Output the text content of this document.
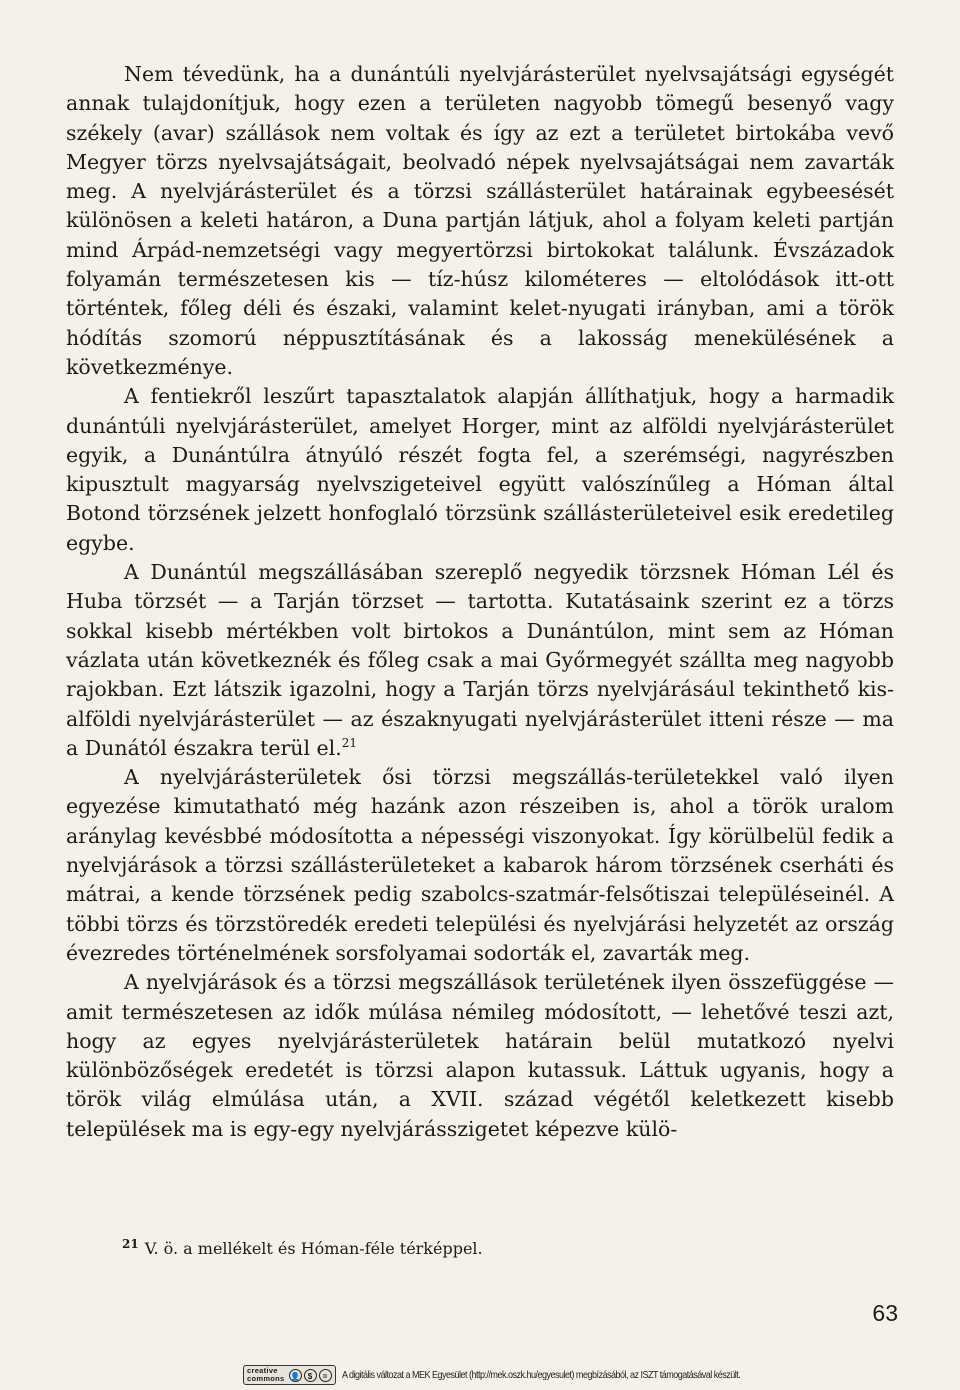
Nem tévedünk, ha a dunántúli nyelvjárásterület nyelvsajátsági egységét annak tulajdonítjuk, hogy ezen a területen nagyobb tömegű besenyő vagy székely (avar) szállások nem voltak és így az ezt a területet birtokába vevő Megyer törzs nyelvsajátságait, beolvadó népek nyelvsajátságai nem zavarták meg. A nyelvjárásterület és a törzsi szállásterület határainak egybeesését különösen a keleti határon, a Duna partján látjuk, ahol a folyam keleti partján mind Árpád-nemzetségi vagy megyertörzsi birtokokat találunk. Évszázadok folyamán természetesen kis — tíz-húsz kilométeres — eltolódások itt-ott történtek, főleg déli és északi, valamint kelet-nyugati irányban, ami a török hódítás szomorú néppusztításának és a lakosság menekülésének a következménye.

A fentiekről leszűrt tapasztalatok alapján állíthatjuk, hogy a harmadik dunántúli nyelvjárásterület, amelyet Horger, mint az alföldi nyelvjárásterület egyik, a Dunántúlra átnyúló részét fogta fel, a szerémségi, nagyrészben kipusztult magyarság nyelvszigeteivel együtt valószínűleg a Hóman által Botond törzsének jelzett honfoglaló törzsünk szállásterületeivel esik eredetileg egybe.

A Dunántúl megszállásában szereplő negyedik törzsnek Hóman Lél és Huba törzsét — a Tarján törzset — tartotta. Kutatásaink szerint ez a törzs sokkal kisebb mértékben volt birtokos a Dunántúlon, mint sem az Hóman vázlata után következnék és főleg csak a mai Győrmegyét szállta meg nagyobb rajokban. Ezt látszik igazolni, hogy a Tarján törzs nyelvjárásául tekinthető kis-alföldi nyelvjárásterület — az északnyugati nyelvjárásterület itteni része — ma a Dunától északra terül el.$^{21}$

A nyelvjárásterületek ősi törzsi megszállás-területekkel való ilyen egyezése kimutatható még hazánk azon részeiben is, ahol a török uralom aránylag kevésbbé módosította a népességi viszonyokat. Így körülbelül fedik a nyelvjárások a törzsi szállásterületeket a kabarok három törzsének cserháti és mátrai, a kende törzsének pedig szabolcs-szatmár-felsőtiszai településeinél. A többi törzs és törzstöredék eredeti települési és nyelvjárási helyzetét az ország évezredes történelmének sorsfolyamai sodorták el, zavarták meg.

A nyelvjárások és a törzsi megszállások területének ilyen összefüggése — amit természetesen az idők múlása némileg módosított, — lehetővé teszi azt, hogy az egyes nyelvjárásterületek határain belül mutatkozó nyelvi különbözőségek eredetét is törzsi alapon kutassuk. Láttuk ugyanis, hogy a török világ elmúlása után, a XVII. század végétől keletkezett kisebb települések ma is egy-egy nyelvjárásszigetet képezve külö-

$^{21}$ V. ö. a mellékelt és Hóman-féle térképpel.
63
creative
commons 👤 $	=	A digitális változat a MEK Egyesület (http://mek.oszk.hu/egyesulet) megbízásából, az ISZT támogatásával készült.
